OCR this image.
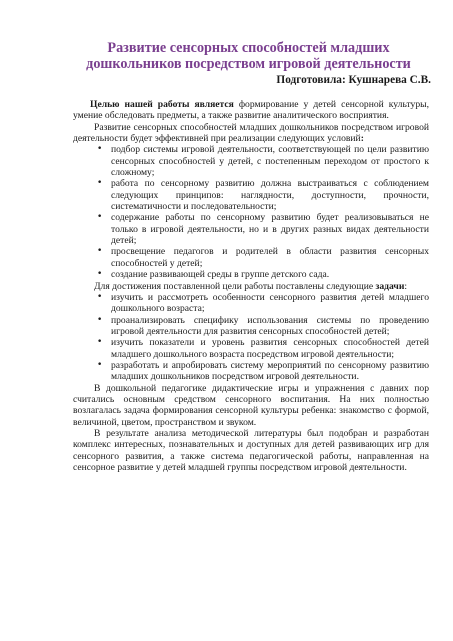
Развитие сенсорных способностей младших
дошкольников посредством игровой деятельности
Подготовила: Кушнарева С.В.

Целью нашей работы является формирование у детей сенсорной культуры, умение обследовать предметы, а также развитие аналитического восприятия.

Развитие сенсорных способностей младших дошкольников посредством игровой деятельности будет эффективней при реализации следующих условий:

• подбор системы игровой деятельности, соответствующей по цели развитию сенсорных способностей у детей, с постепенным переходом от простого к сложному;
• работа по сенсорному развитию должна выстраиваться с соблюдением следующих принципов: наглядности, доступности, прочности, систематичности и последовательности;
• содержание работы по сенсорному развитию будет реализовываться не только в игровой деятельности, но и в других разных видах деятельности детей;
• просвещение педагогов и родителей в области развития сенсорных способностей у детей;
• создание развивающей среды в группе детского сада.

Для достижения поставленной цели работы поставлены следующие задачи:

• изучить и рассмотреть особенности сенсорного развития детей младшего дошкольного возраста;
• проанализировать специфику использования системы по проведению игровой деятельности для развития сенсорных способностей детей;
• изучить показатели и уровень развития сенсорных способностей детей младшего дошкольного возраста посредством игровой деятельности;
• разработать и апробировать систему мероприятий по сенсорному развитию младших дошкольников посредством игровой деятельности.

В дошкольной педагогике дидактические игры и упражнения с давних пор считались основным средством сенсорного воспитания. На них полностью возлагалась задача формирования сенсорной культуры ребенка: знакомство с формой, величиной, цветом, пространством и звуком.

В результате анализа методической литературы был подобран и разработан комплекс интересных, познавательных и доступных для детей развивающих игр для сенсорного развития, а также система педагогической работы, направленная на сенсорное развитие у детей младшей группы посредством игровой деятельности.
